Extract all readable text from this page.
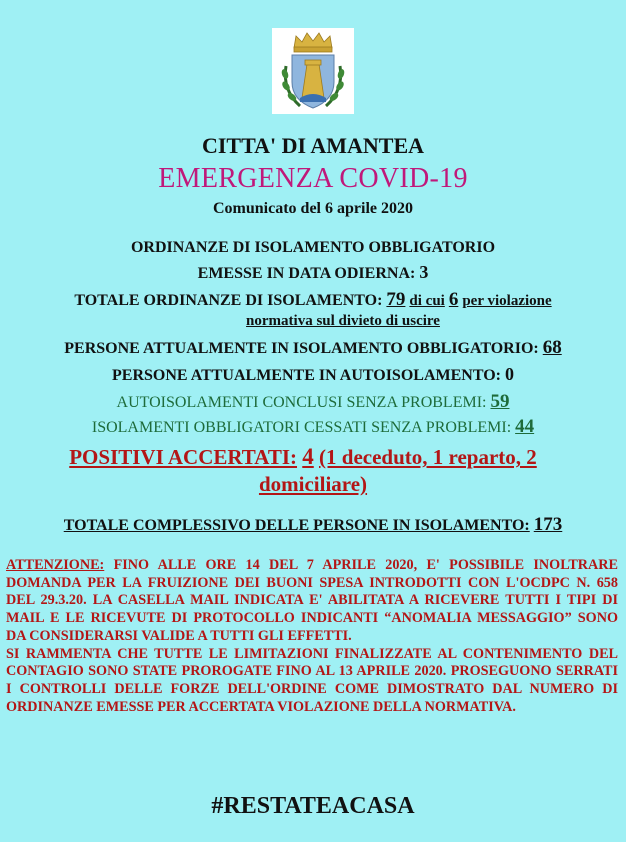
CITTA' DI AMANTEA
EMERGENZA COVID-19
Comunicato del 6 aprile 2020
ORDINANZE DI ISOLAMENTO OBBLIGATORIO
EMESSE IN DATA ODIERNA: 3
TOTALE ORDINANZE DI ISOLAMENTO: 79 di cui 6 per violazione
normativa sul divieto di uscire
PERSONE ATTUALMENTE IN ISOLAMENTO OBBLIGATORIO: 68
PERSONE ATTUALMENTE IN AUTOISOLAMENTO: 0
AUTOISOLAMENTI CONCLUSI SENZA PROBLEMI: 59
ISOLAMENTI OBBLIGATORI CESSATI SENZA PROBLEMI: 44
POSITIVI ACCERTATI: 4 (1 deceduto, 1 reparto, 2
domiciliare)
TOTALE COMPLESSIVO DELLE PERSONE IN ISOLAMENTO: 173

ATTENZIONE: FINO ALLE ORE 14 DEL 7 APRILE 2020, E' POSSIBILE INOLTRARE DOMANDA PER LA FRUIZIONE DEI BUONI SPESA INTRODOTTI CON L'OCDPC N. 658 DEL 29.3.20. LA CASELLA MAIL INDICATA E' ABILITATA A RICEVERE TUTTI I TIPI DI MAIL E LE RICEVUTE DI PROTOCOLLO INDICANTI “ANOMALIA MESSAGGIO” SONO DA CONSIDERARSI VALIDE A TUTTI GLI EFFETTI.

SI RAMMENTA CHE TUTTE LE LIMITAZIONI FINALIZZATE AL CONTENIMENTO DEL CONTAGIO SONO STATE PROROGATE FINO AL 13 APRILE 2020. PROSEGUONO SERRATI I CONTROLLI DELLE FORZE DELL'ORDINE COME DIMOSTRATO DAL NUMERO DI ORDINANZE EMESSE PER ACCERTATA VIOLAZIONE DELLA NORMATIVA.

#RESTATEACASA
